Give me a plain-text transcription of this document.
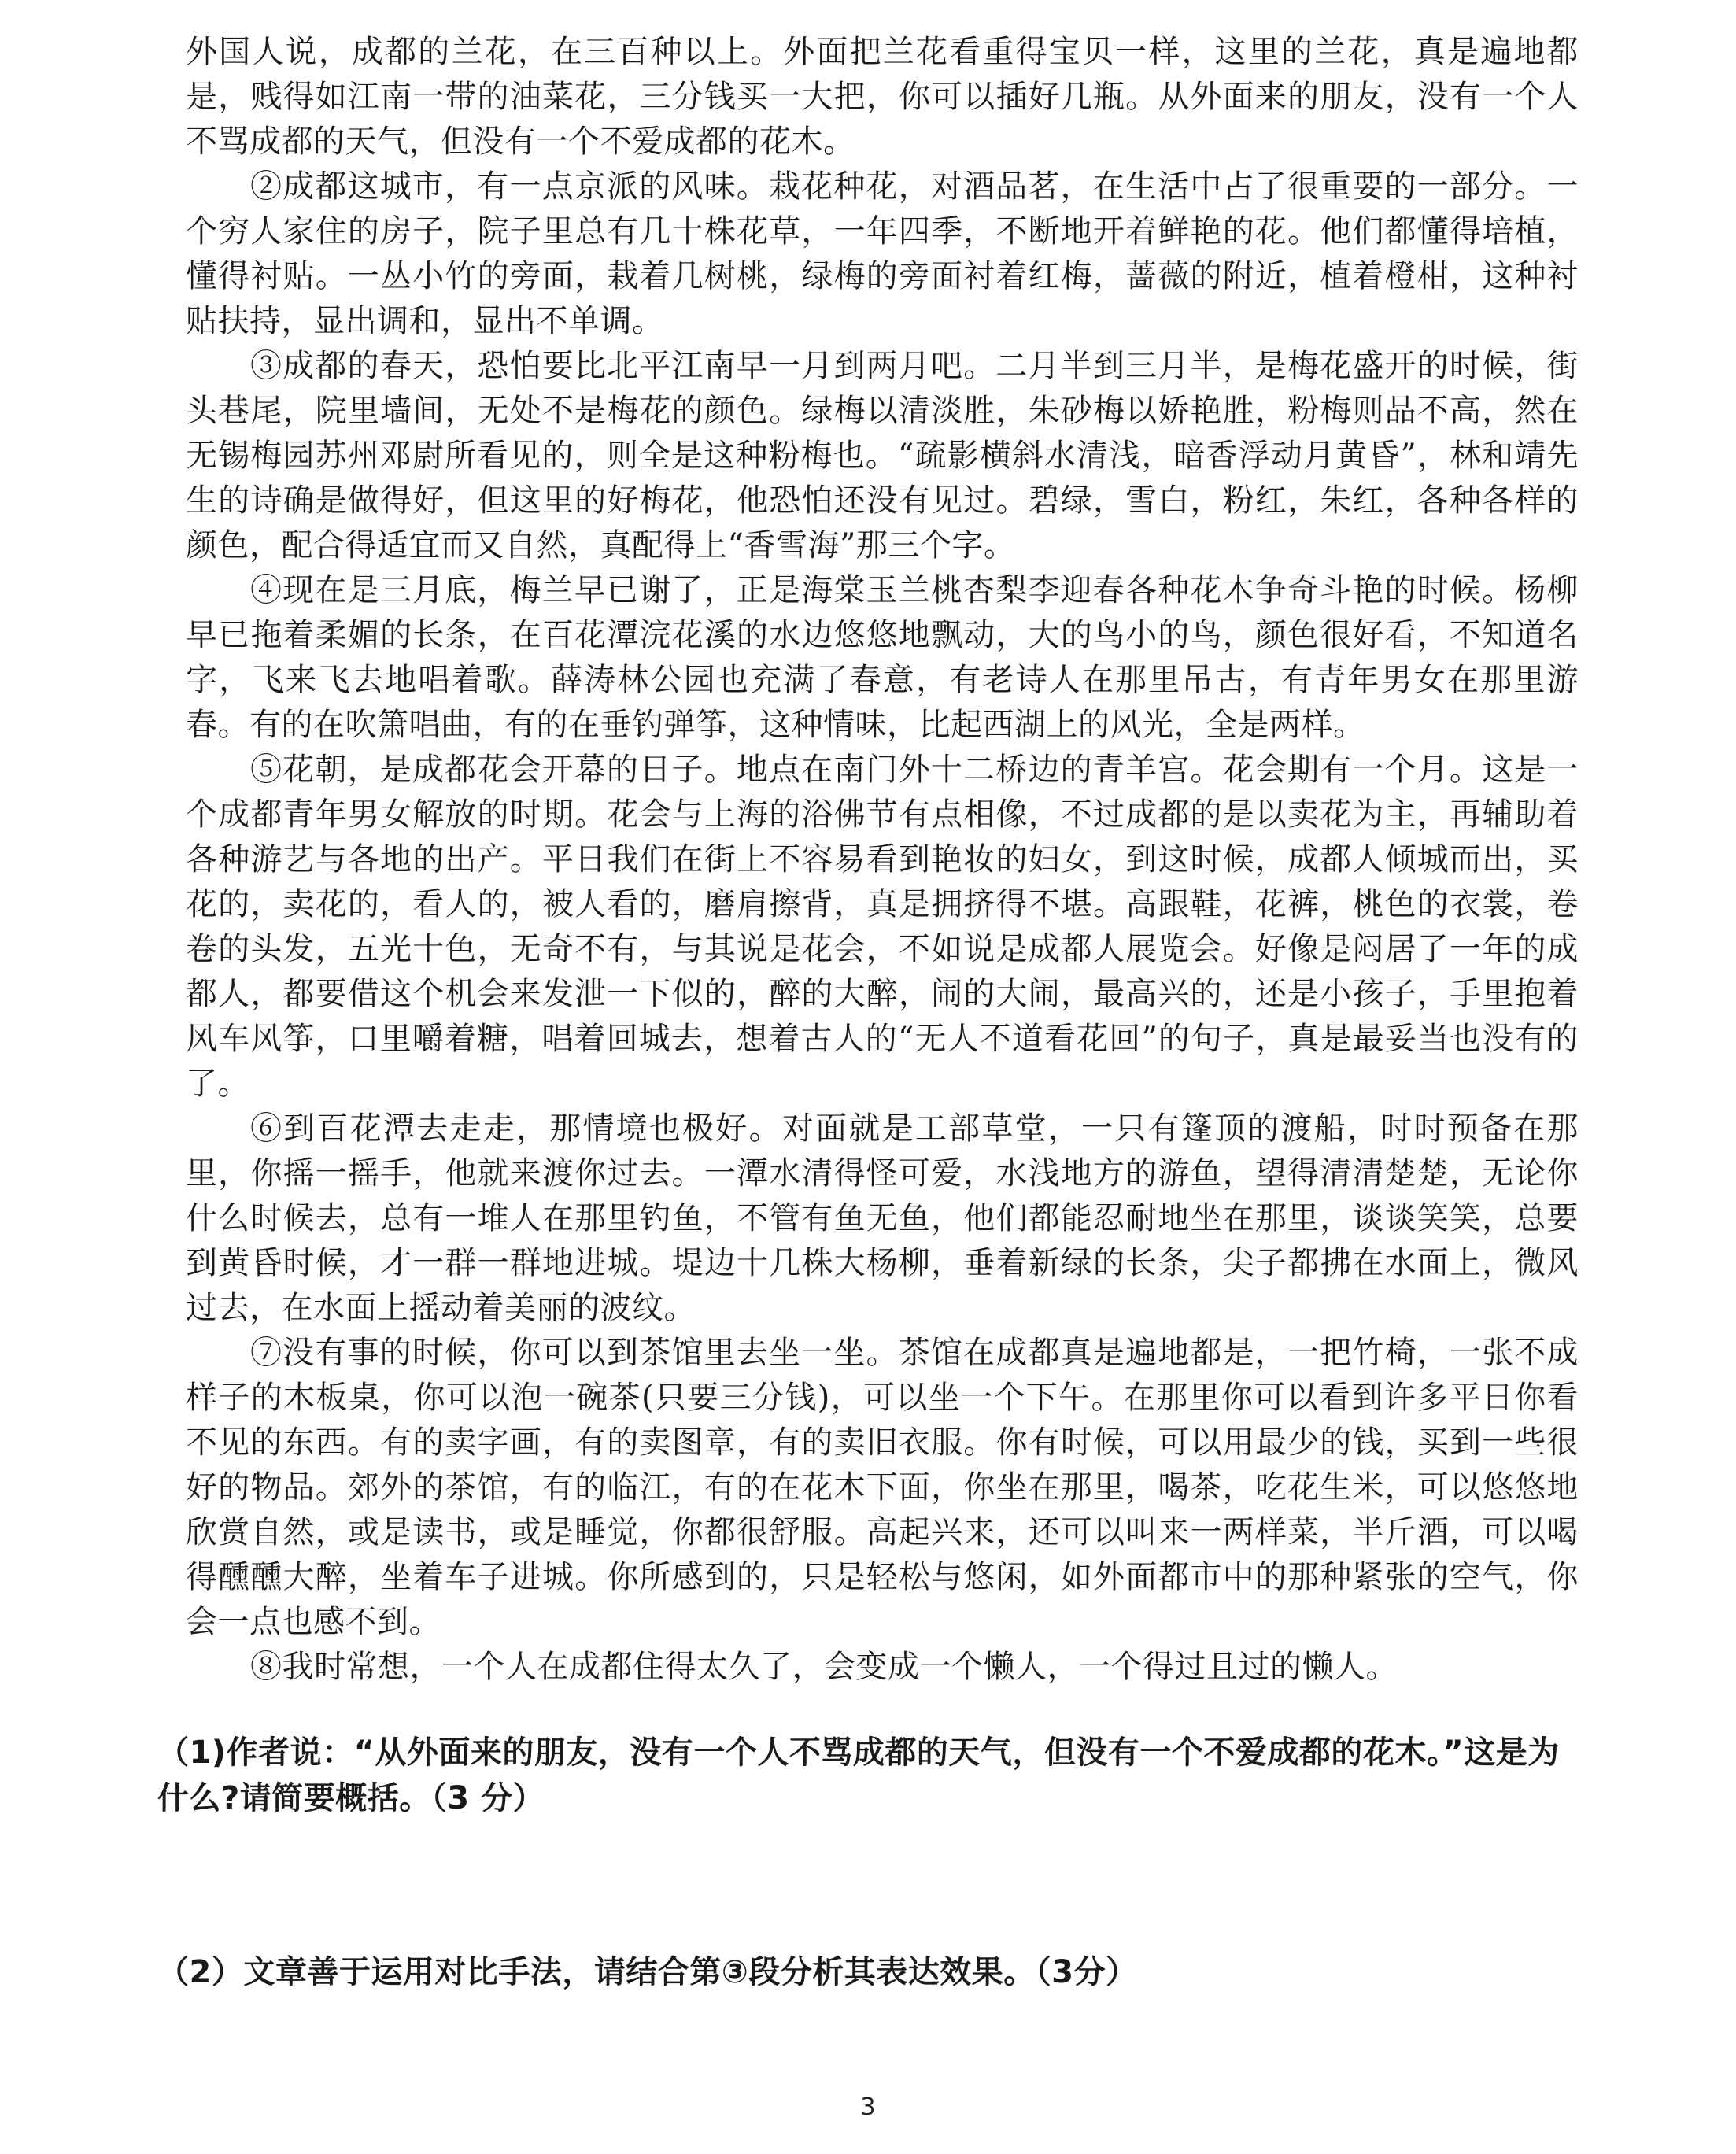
外国人说，成都的兰花，在三百种以上。外面把兰花看重得宝贝一样，这里的兰花，真是遍地都是，贱得如江南一带的油菜花，三分钱买一大把，你可以插好几瓶。从外面来的朋友，没有一个人不骂成都的天气，但没有一个不爱成都的花木。

②成都这城市，有一点京派的风味。栽花种花，对酒品茗，在生活中占了很重要的一部分。一个穷人家住的房子，院子里总有几十株花草，一年四季，不断地开着鲜艳的花。他们都懂得培植，懂得衬贴。一丛小竹的旁面，栽着几树桃，绿梅的旁面衬着红梅，蔷薇的附近，植着橙柑，这种衬贴扶持，显出调和，显出不单调。

③成都的春天，恐怕要比北平江南早一月到两月吧。二月半到三月半，是梅花盛开的时候，街头巷尾，院里墙间，无处不是梅花的颜色。绿梅以清淡胜，朱砂梅以娇艳胜，粉梅则品不高，然在无锡梅园苏州邓尉所看见的，则全是这种粉梅也。“疏影横斜水清浅，暗香浮动月黄昏”，林和靖先生的诗确是做得好，但这里的好梅花，他恐怕还没有见过。碧绿，雪白，粉红，朱红，各种各样的颜色，配合得适宜而又自然，真配得上“香雪海”那三个字。

④现在是三月底，梅兰早已谢了，正是海棠玉兰桃杏梨李迎春各种花木争奇斗艳的时候。杨柳早已拖着柔媚的长条，在百花潭浣花溪的水边悠悠地飘动，大的鸟小的鸟，颜色很好看，不知道名字，飞来飞去地唱着歌。薛涛林公园也充满了春意，有老诗人在那里吊古，有青年男女在那里游春。有的在吹箫唱曲，有的在垂钓弹筝，这种情味，比起西湖上的风光，全是两样。

⑤花朝，是成都花会开幕的日子。地点在南门外十二桥边的青羊宫。花会期有一个月。这是一个成都青年男女解放的时期。花会与上海的浴佛节有点相像，不过成都的是以卖花为主，再辅助着各种游艺与各地的出产。平日我们在街上不容易看到艳妆的妇女，到这时候，成都人倾城而出，买花的，卖花的，看人的，被人看的，磨肩擦背，真是拥挤得不堪。高跟鞋，花裤，桃色的衣裳，卷卷的头发，五光十色，无奇不有，与其说是花会，不如说是成都人展览会。好像是闷居了一年的成都人，都要借这个机会来发泄一下似的，醉的大醉，闹的大闹，最高兴的，还是小孩子，手里抱着风车风筝，口里嚼着糖，唱着回城去，想着古人的“无人不道看花回”的句子，真是最妥当也没有的了。

⑥到百花潭去走走，那情境也极好。对面就是工部草堂，一只有篷顶的渡船，时时预备在那里，你摇一摇手，他就来渡你过去。一潭水清得怪可爱，水浅地方的游鱼，望得清清楚楚，无论你什么时候去，总有一堆人在那里钓鱼，不管有鱼无鱼，他们都能忍耐地坐在那里，谈谈笑笑，总要到黄昏时候，才一群一群地进城。堤边十几株大杨柳，垂着新绿的长条，尖子都拂在水面上，微风过去，在水面上摇动着美丽的波纹。

⑦没有事的时候，你可以到茶馆里去坐一坐。茶馆在成都真是遍地都是，一把竹椅，一张不成样子的木板桌，你可以泡一碗茶(只要三分钱)，可以坐一个下午。在那里你可以看到许多平日你看不见的东西。有的卖字画，有的卖图章，有的卖旧衣服。你有时候，可以用最少的钱，买到一些很好的物品。郊外的茶馆，有的临江，有的在花木下面，你坐在那里，喝茶，吃花生米，可以悠悠地欣赏自然，或是读书，或是睡觉，你都很舒服。高起兴来，还可以叫来一两样菜，半斤酒，可以喝得醺醺大醉，坐着车子进城。你所感到的，只是轻松与悠闲，如外面都市中的那种紧张的空气，你会一点也感不到。

⑧我时常想，一个人在成都住得太久了，会变成一个懒人，一个得过且过的懒人。

（1)作者说：“从外面来的朋友，没有一个人不骂成都的天气，但没有一个不爱成都的花木。”这是为什么?请简要概括。（3 分）

（2）文章善于运用对比手法，请结合第③段分析其表达效果。（3分）

3
